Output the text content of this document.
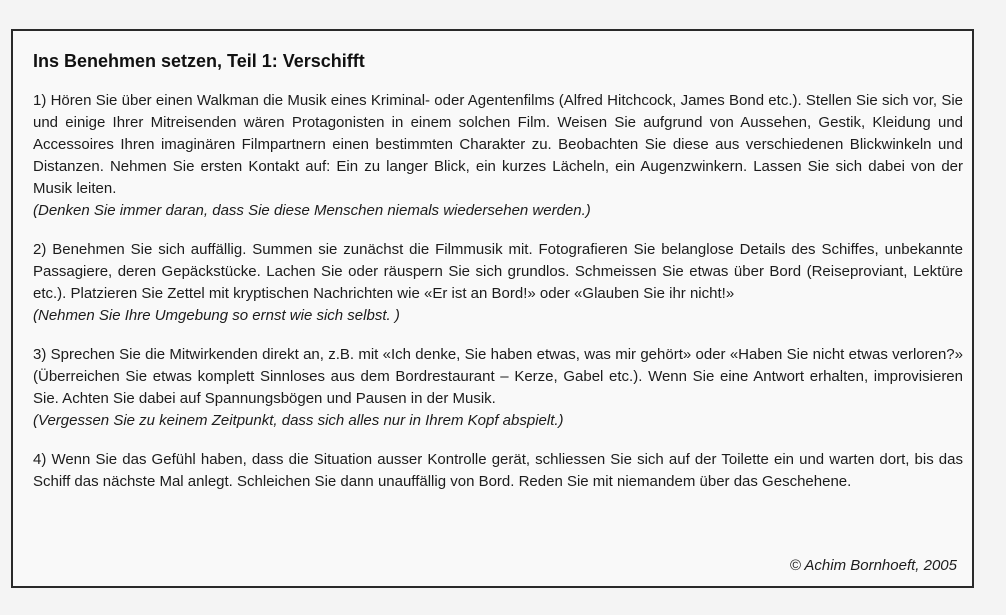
Ins Benehmen setzen, Teil 1: Verschifft

1) Hören Sie über einen Walkman die Musik eines Kriminal- oder Agentenfilms (Alfred Hitchcock, James Bond etc.). Stellen Sie sich vor, Sie und einige Ihrer Mitreisenden wären Protagonisten in einem solchen Film. Weisen Sie aufgrund von Aussehen, Gestik, Kleidung und Accessoires Ihren imaginären Filmpartnern einen bestimmten Charakter zu. Beobachten Sie diese aus verschiedenen Blickwinkeln und Distanzen. Nehmen Sie ersten Kontakt auf: Ein zu langer Blick, ein kurzes Lächeln, ein Augenzwinkern. Lassen Sie sich dabei von der Musik leiten.

(Denken Sie immer daran, dass Sie diese Menschen niemals wiedersehen werden.)

2) Benehmen Sie sich auffällig. Summen sie zunächst die Filmmusik mit. Fotografieren Sie belanglose Details des Schiffes, unbekannte Passagiere, deren Gepäckstücke. Lachen Sie oder räuspern Sie sich grundlos. Schmeissen Sie etwas über Bord (Reiseproviant, Lektüre etc.). Platzieren Sie Zettel mit kryptischen Nachrichten wie «Er ist an Bord!» oder «Glauben Sie ihr nicht!»

(Nehmen Sie Ihre Umgebung so ernst wie sich selbst. )

3) Sprechen Sie die Mitwirkenden direkt an, z.B. mit «Ich denke, Sie haben etwas, was mir gehört» oder «Haben Sie nicht etwas verloren?» (Überreichen Sie etwas komplett Sinnloses aus dem Bordrestaurant – Kerze, Gabel etc.). Wenn Sie eine Antwort erhalten, improvisieren Sie. Achten Sie dabei auf Spannungsbögen und Pausen in der Musik.

(Vergessen Sie zu keinem Zeitpunkt, dass sich alles nur in Ihrem Kopf abspielt.)

4) Wenn Sie das Gefühl haben, dass die Situation ausser Kontrolle gerät, schliessen Sie sich auf der Toilette ein und warten dort, bis das Schiff das nächste Mal anlegt. Schleichen Sie dann unauffällig von Bord. Reden Sie mit niemandem über das Geschehene.

© Achim Bornhoeft, 2005
